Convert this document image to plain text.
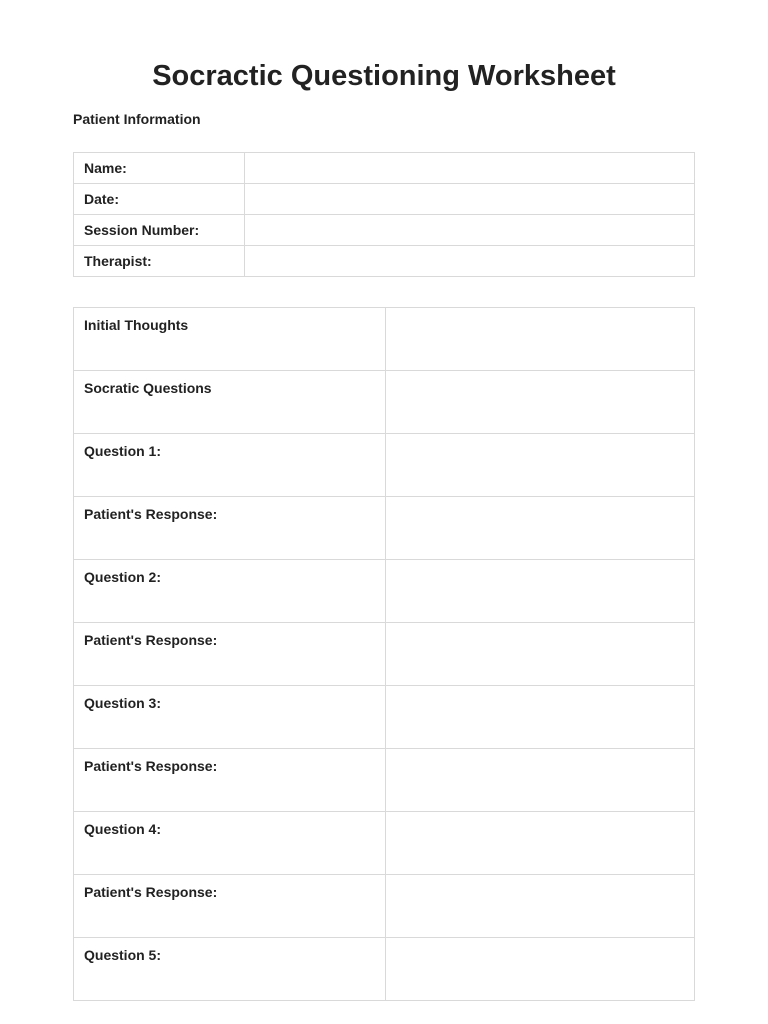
Socractic Questioning Worksheet
Patient Information
Name:	

Date:	

Session Number:	

Therapist:	

Initial Thoughts	

Socratic Questions	

Question 1:	

Patient's Response:	

Question 2:	

Patient's Response:	

Question 3:	

Patient's Response:	

Question 4:	

Patient's Response:	

Question 5:	
